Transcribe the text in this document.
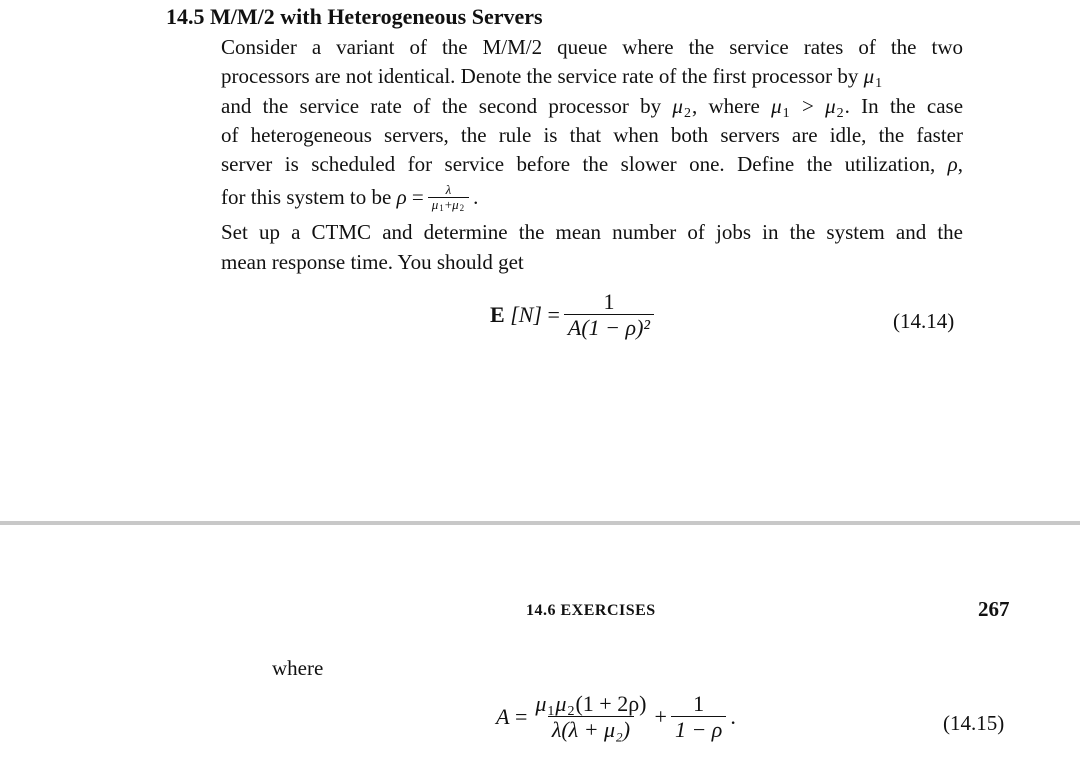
14.5 M/M/2 with Heterogeneous Servers
Consider a variant of the M/M/2 queue where the service rates of the two
processors are not identical. Denote the service rate of the first processor by $\mu_1$
and the service rate of the second processor by $\mu_2$, where $\mu_1 > \mu_2$. In the case
of heterogeneous servers, the rule is that when both servers are idle, the faster
server is scheduled for service before the slower one. Define the utilization, ρ,
for this system to be
ρ
= $\frac{\lambda}{\mu_1+\mu_2}$ .
Set up a CTMC and determine the mean number of jobs in the system and the
mean response time. You should get
E
[N]
= $\frac{1}{\text{A(1 − ρ)²}}$	(14.14)
14.6 EXERCISES	267
where
A
= $\frac{\mu_1\mu_2(1 + 2\rho)}{\text{λ(λ + μ₂)}} + \frac{1}{1 - \rho}$ .	(14.15)
